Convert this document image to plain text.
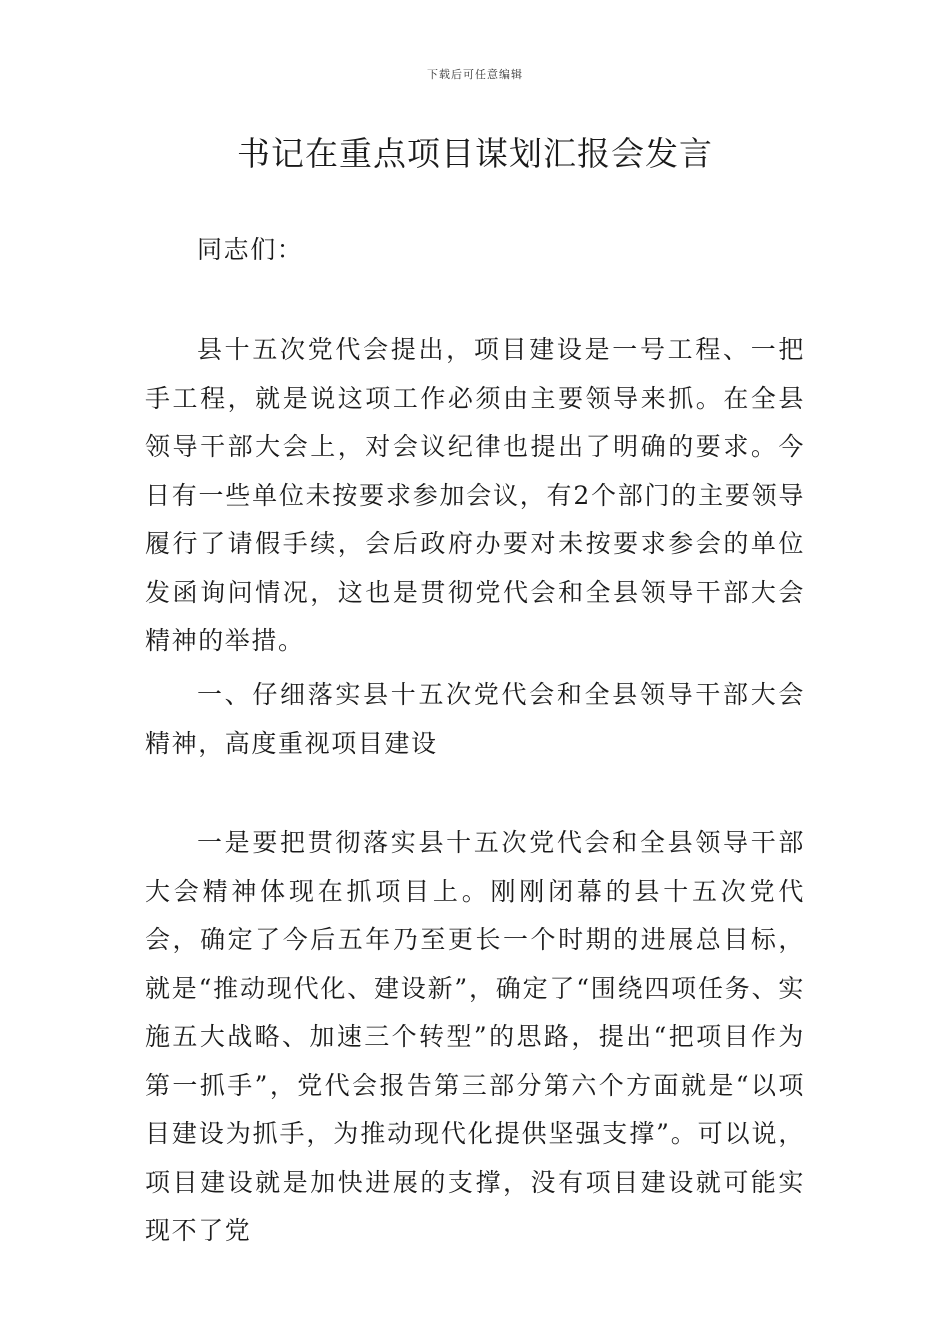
下载后可任意编辑
书记在重点项目谋划汇报会发言

同志们：

县十五次党代会提出，项目建设是一号工程、一把手工程，就是说这项工作必须由主要领导来抓。在全县领导干部大会上，对会议纪律也提出了明确的要求。今日有一些单位未按要求参加会议，有2个部门的主要领导履行了请假手续，会后政府办要对未按要求参会的单位发函询问情况，这也是贯彻党代会和全县领导干部大会精神的举措。

一、仔细落实县十五次党代会和全县领导干部大会精神，高度重视项目建设

一是要把贯彻落实县十五次党代会和全县领导干部大会精神体现在抓项目上。刚刚闭幕的县十五次党代会，确定了今后五年乃至更长一个时期的进展总目标，就是“推动现代化、建设新”，确定了“围绕四项任务、实施五大战略、加速三个转型”的思路，提出“把项目作为第一抓手”，党代会报告第三部分第六个方面就是“以项目建设为抓手，为推动现代化提供坚强支撑”。可以说，项目建设就是加快进展的支撑，没有项目建设就可能实现不了党
